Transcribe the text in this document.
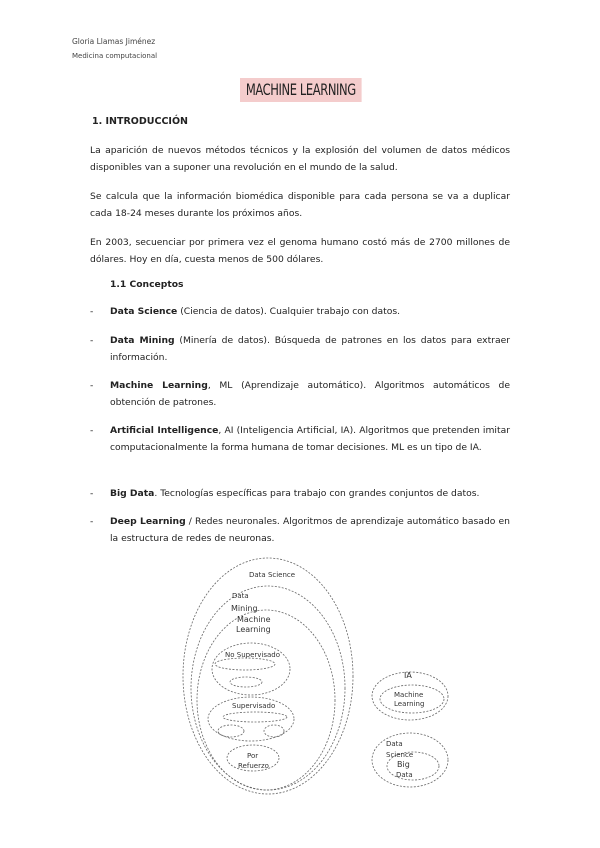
Gloria Llamas Jiménez
Medicina computacional
MACHINE LEARNING
1. INTRODUCCIÓN
La aparición de nuevos métodos técnicos y la explosión del volumen de datos médicos disponibles van a suponer una revolución en el mundo de la salud.
Se calcula que la información biomédica disponible para cada persona se va a duplicar cada 18-24 meses durante los próximos años.
En 2003, secuenciar por primera vez el genoma humano costó más de 2700 millones de dólares. Hoy en día, cuesta menos de 500 dólares.
1.1 Conceptos
- Data Science (Ciencia de datos). Cualquier trabajo con datos.
- Data Mining (Minería de datos). Búsqueda de patrones en los datos para extraer información.
- Machine Learning, ML (Aprendizaje automático). Algoritmos automáticos de obtención de patrones.
- Artificial Intelligence, AI (Inteligencia Artificial, IA). Algoritmos que pretenden imitar computacionalmente la forma humana de tomar decisiones. ML es un tipo de IA.
- Big Data. Tecnologías específicas para trabajo con grandes conjuntos de datos.
- Deep Learning / Redes neuronales. Algoritmos de aprendizaje automático basado en la estructura de redes de neuronas.
Data Science
Data
Mining
Machine
Learning
No Supervisado
Supervisado
Por
Refuerzo
IA
Machine
Learning
Data
Science
Big
Data
